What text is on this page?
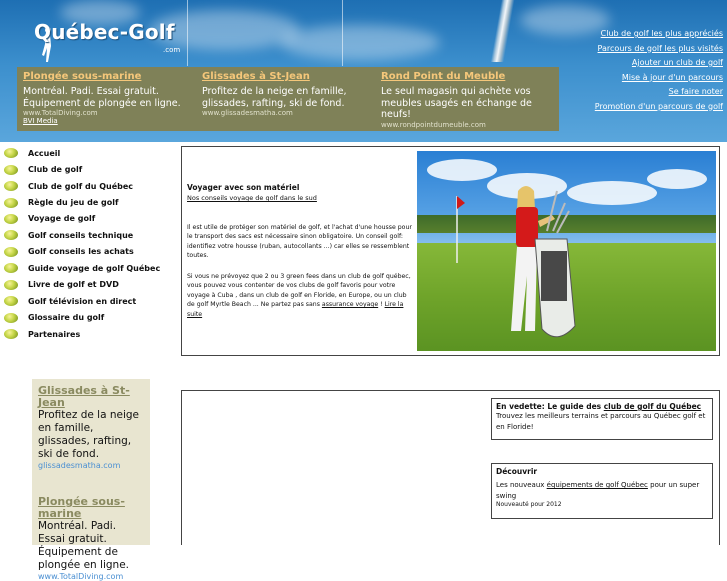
Québec-Golf
.com
Club de golf les plus appréciés
Parcours de golf les plus visités
Ajouter un club de golf
Mise à jour d'un parcours
Se faire noter
Promotion d'un parcours de golf
Plongée sous-marine
Montréal. Padi. Essai gratuit. Équipement de plongée en ligne.
www.TotalDiving.com
BVI Media
Glissades à St-Jean
Profitez de la neige en famille, glissades, rafting, ski de fond.
www.glissadesmatha.com
Rond Point du Meuble
Le seul magasin qui achète vos meubles usagés en échange de neufs!
www.rondpointdumeuble.com
Accueil
Club de golf
Club de golf du Québec
Règle du jeu de golf
Voyage de golf
Golf conseils technique
Golf conseils les achats
Guide voyage de golf Québec
Livre de golf et DVD
Golf télévision en direct
Glossaire du golf
Partenaires
Voyager avec son matériel
Nos conseils voyage de golf dans le sud
Il est utile de protéger son matériel de golf, et l'achat d'une housse pour le transport des sacs est nécessaire sinon obligatoire. Un conseil golf: identifiez votre housse (ruban, autocollants ...) car elles se ressemblent toutes.
Si vous ne prévoyez que 2 ou 3 green fees dans un club de golf québec, vous pouvez vous contenter de vos clubs de golf favoris pour votre voyage à Cuba , dans un club de golf en Floride, en Europe, ou un club de golf Myrtle Beach ... Ne partez pas sans assurance voyage ! Lire la suite
Glissades à St-Jean
Profitez de la neige en famille, glissades, rafting, ski de fond.
glissadesmatha.com
Plongée sous-marine
Montréal. Padi. Essai gratuit. Équipement de plongée en ligne.
www.TotalDiving.com
En vedette: Le guide des club de golf du Québec
Trouvez les meilleurs terrains et parcours au Québec golf et en Floride!
Découvrir
Les nouveaux équipements de golf Québec pour un super swing
Nouveauté pour 2012
